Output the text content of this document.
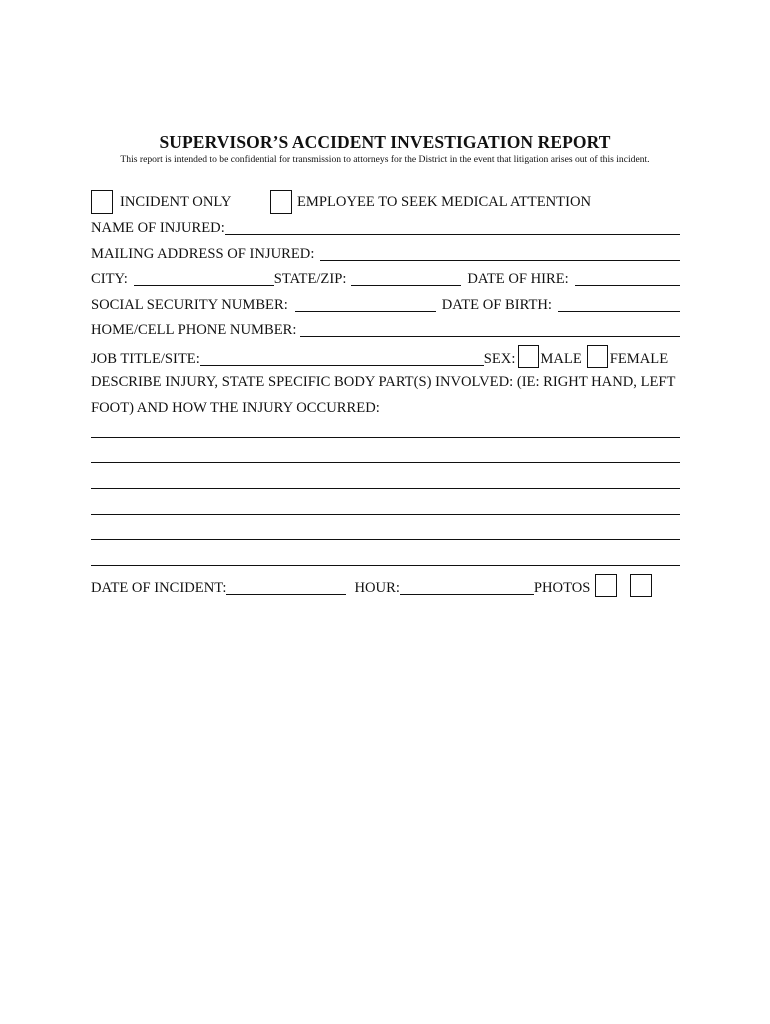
SUPERVISOR’S ACCIDENT INVESTIGATION REPORT
This report is intended to be confidential for transmission to attorneys for the District in the event that litigation arises out of this incident.
INCIDENT ONLY	EMPLOYEE TO SEEK MEDICAL ATTENTION
NAME OF INJURED:
MAILING ADDRESS OF INJURED:
CITY:	STATE/ZIP:	DATE OF HIRE:
SOCIAL SECURITY NUMBER:	DATE OF BIRTH:
HOME/CELL PHONE NUMBER:
JOB TITLE/SITE:	SEX: MALE FEMALE
DESCRIBE INJURY, STATE SPECIFIC BODY PART(S) INVOLVED: (IE: RIGHT HAND, LEFT
FOOT) AND HOW THE INJURY OCCURRED:
DATE OF INCIDENT:	HOUR:	PHOTOS
